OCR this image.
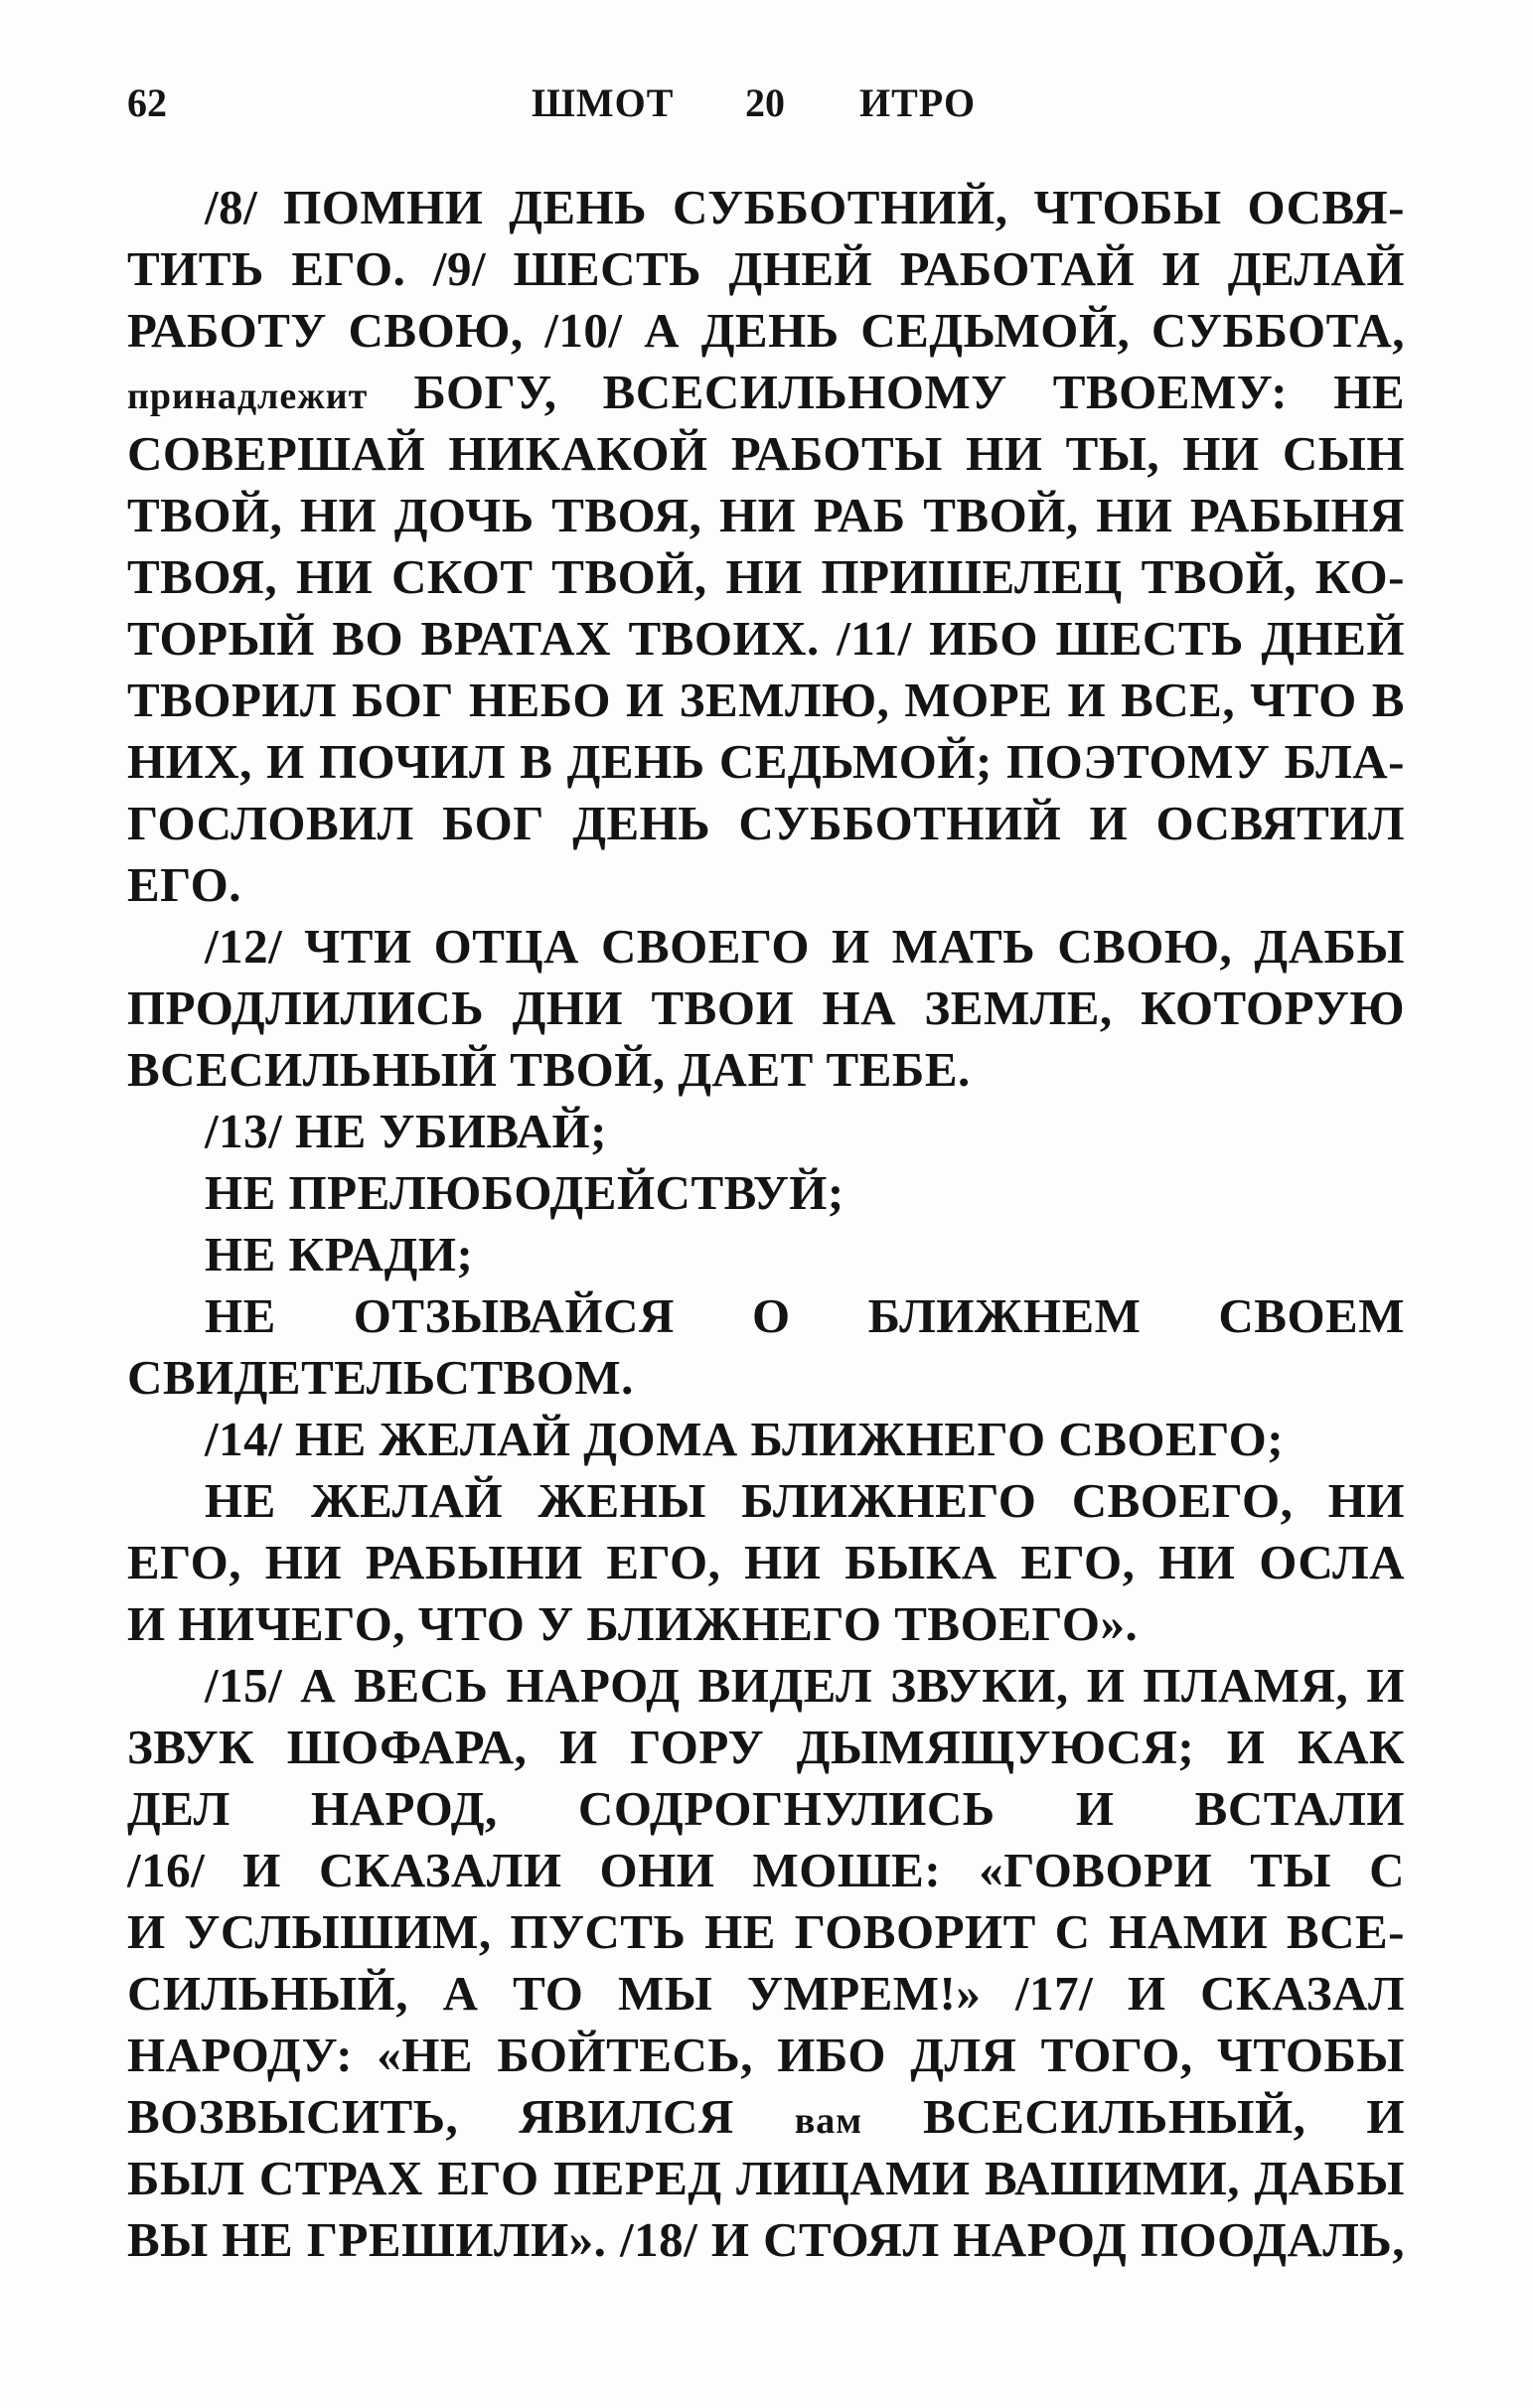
62	ШМОТ 20 ИТРО
/8/ ПОМНИ ДЕНЬ СУББОТНИЙ, ЧТОБЫ ОСВЯ-
ТИТЬ ЕГО. /9/ ШЕСТЬ ДНЕЙ РАБОТАЙ И ДЕЛАЙ
РАБОТУ СВОЮ, /10/ А ДЕНЬ СЕДЬМОЙ, СУББОТА,
принадлежит БОГУ, ВСЕСИЛЬНОМУ ТВОЕМУ: НЕ
СОВЕРШАЙ НИКАКОЙ РАБОТЫ НИ ТЫ, НИ СЫН
ТВОЙ, НИ ДОЧЬ ТВОЯ, НИ РАБ ТВОЙ, НИ РАБЫНЯ
ТВОЯ, НИ СКОТ ТВОЙ, НИ ПРИШЕЛЕЦ ТВОЙ, КО-
ТОРЫЙ ВО ВРАТАХ ТВОИХ. /11/ ИБО ШЕСТЬ ДНЕЙ
ТВОРИЛ БОГ НЕБО И ЗЕМЛЮ, МОРЕ И ВСЕ, ЧТО В
НИХ, И ПОЧИЛ В ДЕНЬ СЕДЬМОЙ; ПОЭТОМУ БЛА-
ГОСЛОВИЛ БОГ ДЕНЬ СУББОТНИЙ И ОСВЯТИЛ
ЕГО.
/12/ ЧТИ ОТЦА СВОЕГО И МАТЬ СВОЮ, ДАБЫ
ПРОДЛИЛИСЬ ДНИ ТВОИ НА ЗЕМЛЕ, КОТОРУЮ
ВСЕСИЛЬНЫЙ ТВОЙ, ДАЕТ ТЕБЕ.
/13/ НЕ УБИВАЙ;
НЕ ПРЕЛЮБОДЕЙСТВУЙ;
НЕ КРАДИ;
НЕ ОТЗЫВАЙСЯ О БЛИЖНЕМ СВОЕМ
СВИДЕТЕЛЬСТВОМ.
/14/ НЕ ЖЕЛАЙ ДОМА БЛИЖНЕГО СВОЕГО;
НЕ ЖЕЛАЙ ЖЕНЫ БЛИЖНЕГО СВОЕГО, НИ
ЕГО, НИ РАБЫНИ ЕГО, НИ БЫКА ЕГО, НИ ОСЛА
И НИЧЕГО, ЧТО У БЛИЖНЕГО ТВОЕГО».
/15/ А ВЕСЬ НАРОД ВИДЕЛ ЗВУКИ, И ПЛАМЯ, И
ЗВУК ШОФАРА, И ГОРУ ДЫМЯЩУЮСЯ; И КАК
ДЕЛ НАРОД, СОДРОГНУЛИСЬ И ВСТАЛИ
/16/ И СКАЗАЛИ ОНИ МОШЕ: «ГОВОРИ ТЫ С
И УСЛЫШИМ, ПУСТЬ НЕ ГОВОРИТ С НАМИ ВСЕ-
СИЛЬНЫЙ, А ТО МЫ УМРЕМ!» /17/ И СКАЗАЛ
НАРОДУ: «НЕ БОЙТЕСЬ, ИБО ДЛЯ ТОГО, ЧТОБЫ
ВОЗВЫСИТЬ, ЯВИЛСЯ вам ВСЕСИЛЬНЫЙ, И
БЫЛ СТРАХ ЕГО ПЕРЕД ЛИЦАМИ ВАШИМИ, ДАБЫ
ВЫ НЕ ГРЕШИЛИ». /18/ И СТОЯЛ НАРОД ПООДАЛЬ,
